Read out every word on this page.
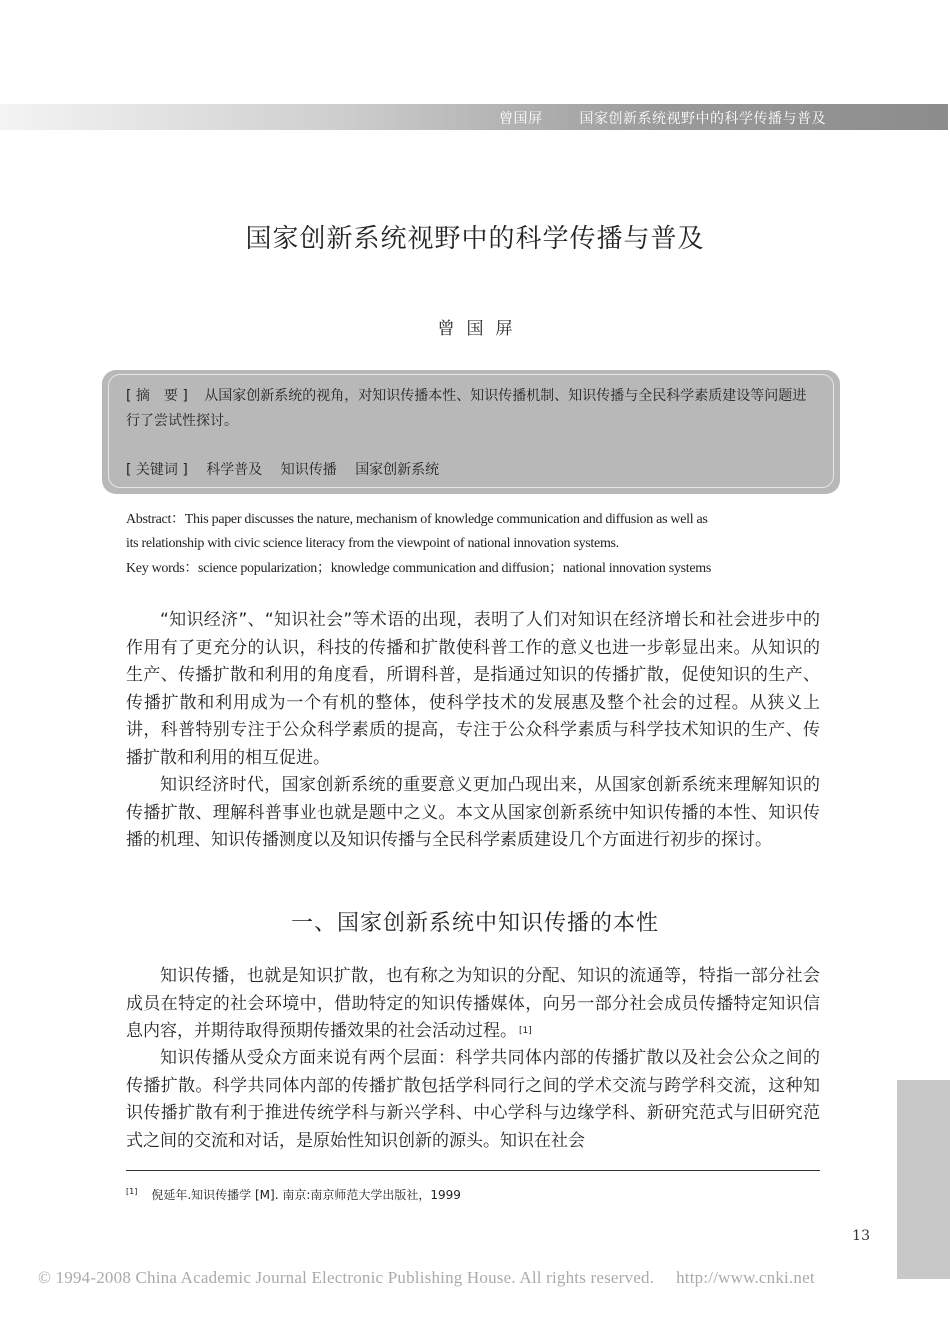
曾国屏	国家创新系统视野中的科学传播与普及
国家创新系统视野中的科学传播与普及
曾国屏
[ 摘　要 ] 从国家创新系统的视角，对知识传播本性、知识传播机制、知识传播与全民科学素质建设等问题进行了尝试性探讨。
[ 关键词 ] 科学普及 知识传播 国家创新系统
Abstract：This paper discusses the nature, mechanism of knowledge communication and diffusion as well as
its relationship with civic science literacy from the viewpoint of national innovation systems.
Key words：science popularization；knowledge communication and diffusion；national innovation systems
“知识经济”、“知识社会”等术语的出现，表明了人们对知识在经济增长和社会进步中的作用有了更充分的认识，科技的传播和扩散使科普工作的意义也进一步彰显出来。从知识的生产、传播扩散和利用的角度看，所谓科普，是指通过知识的传播扩散，促使知识的生产、传播扩散和利用成为一个有机的整体，使科学技术的发展惠及整个社会的过程。从狭义上讲，科普特别专注于公众科学素质的提高，专注于公众科学素质与科学技术知识的生产、传播扩散和利用的相互促进。
知识经济时代，国家创新系统的重要意义更加凸现出来，从国家创新系统来理解知识的传播扩散、理解科普事业也就是题中之义。本文从国家创新系统中知识传播的本性、知识传播的机理、知识传播测度以及知识传播与全民科学素质建设几个方面进行初步的探讨。
一、国家创新系统中知识传播的本性
知识传播，也就是知识扩散，也有称之为知识的分配、知识的流通等，特指一部分社会成员在特定的社会环境中，借助特定的知识传播媒体，向另一部分社会成员传播特定知识信息内容，并期待取得预期传播效果的社会活动过程。 [1]
知识传播从受众方面来说有两个层面：科学共同体内部的传播扩散以及社会公众之间的传播扩散。科学共同体内部的传播扩散包括学科同行之间的学术交流与跨学科交流，这种知识传播扩散有利于推进传统学科与新兴学科、中心学科与边缘学科、新研究范式与旧研究范式之间的交流和对话，是原始性知识创新的源头。知识在社会
[1] 倪延年.知识传播学 [M]. 南京:南京师范大学出版社，1999
13
© 1994-2008 China Academic Journal Electronic Publishing House. All rights reserved. http://www.cnki.net
